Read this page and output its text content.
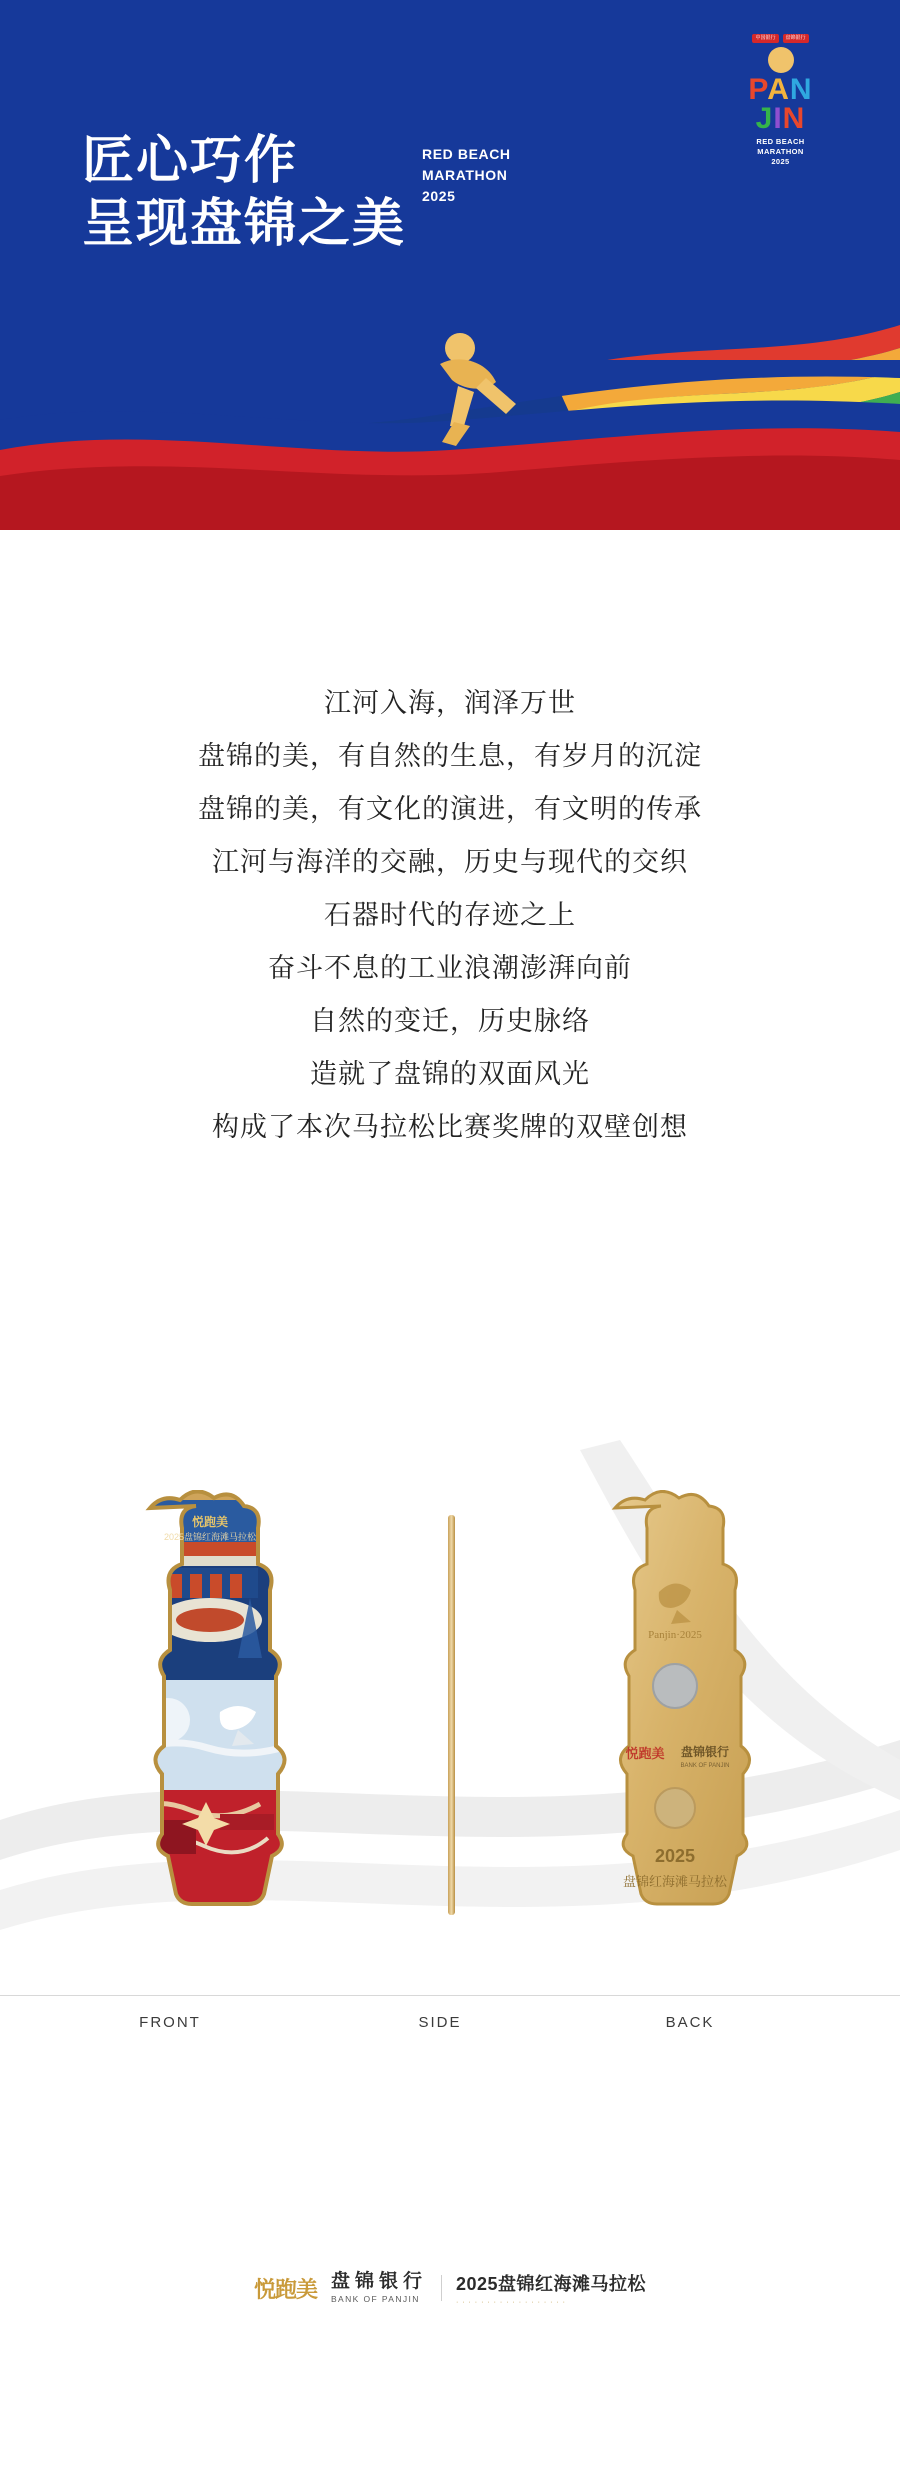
匠心巧作
呈现盘锦之美
RED BEACH
MARATHON
2025
中国银行	盘锦银行
PAN
JIN
RED BEACH
MARATHON
2025
江河入海，润泽万世
盘锦的美，有自然的生息，有岁月的沉淀
盘锦的美，有文化的演进，有文明的传承
江河与海洋的交融，历史与现代的交织
石器时代的存迹之上
奋斗不息的工业浪潮澎湃向前
自然的变迁，历史脉络
造就了盘锦的双面风光
构成了本次马拉松比赛奖牌的双壁创想
悦跑美
2025盘锦红海滩马拉松
Panjin·2025
悦跑美 盘锦银行
BANK OF PANJIN
2025
盘锦红海滩马拉松
FRONT	SIDE	BACK
悦跑美 盘锦银行
BANK OF PANJIN
2025盘锦红海滩马拉松
· · · · · · · · · · · · · · · · · ·
